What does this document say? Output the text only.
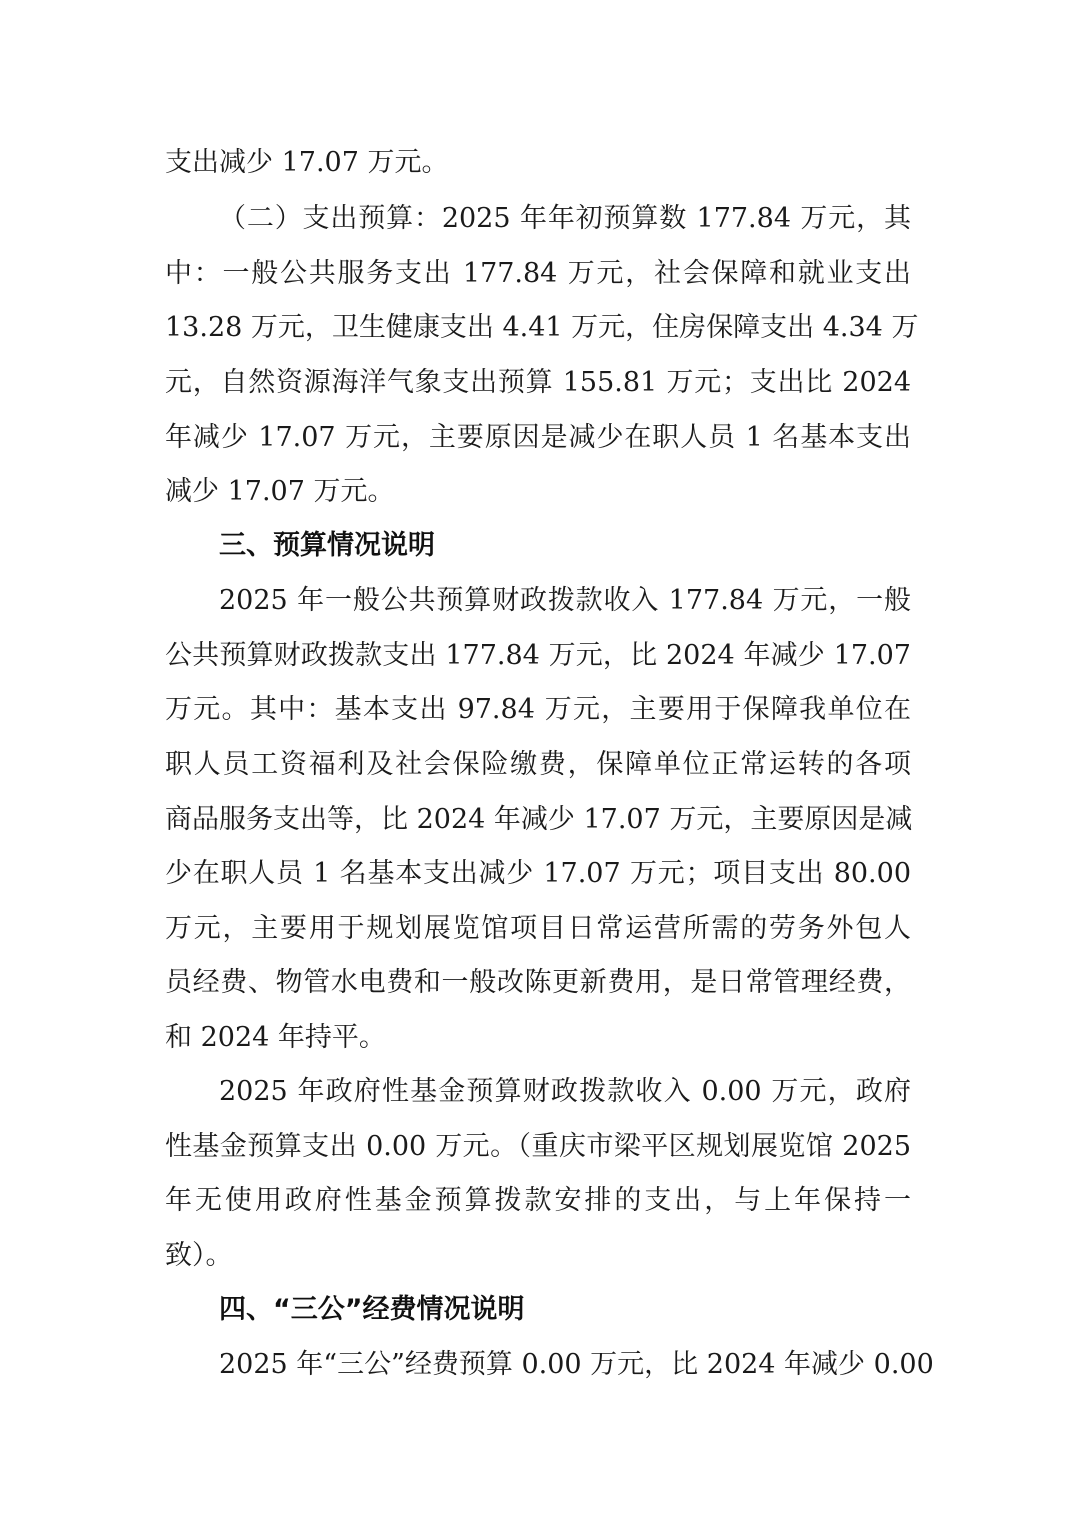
支出减少 17.07 万元。

（二）支出预算：2025 年年初预算数 177.84 万元，其

中：一般公共服务支出 177.84 万元，社会保障和就业支出

13.28 万元，卫生健康支出 4.41 万元，住房保障支出 4.34 万

元，自然资源海洋气象支出预算 155.81 万元；支出比 2024

年减少 17.07 万元，主要原因是减少在职人员 1 名基本支出

减少 17.07 万元。

三、预算情况说明

2025 年一般公共预算财政拨款收入 177.84 万元，一般

公共预算财政拨款支出 177.84 万元，比 2024 年减少 17.07

万元。其中：基本支出 97.84 万元，主要用于保障我单位在

职人员工资福利及社会保险缴费，保障单位正常运转的各项

商品服务支出等，比 2024 年减少 17.07 万元，主要原因是减

少在职人员 1 名基本支出减少 17.07 万元；项目支出 80.00

万元，主要用于规划展览馆项目日常运营所需的劳务外包人

员经费、物管水电费和一般改陈更新费用，是日常管理经费，

和 2024 年持平。

2025 年政府性基金预算财政拨款收入 0.00 万元，政府

性基金预算支出 0.00 万元。（重庆市梁平区规划展览馆 2025

年无使用政府性基金预算拨款安排的支出，与上年保持一

致）。

四、“三公”经费情况说明

2025 年“三公”经费预算 0.00 万元，比 2024 年减少 0.00
